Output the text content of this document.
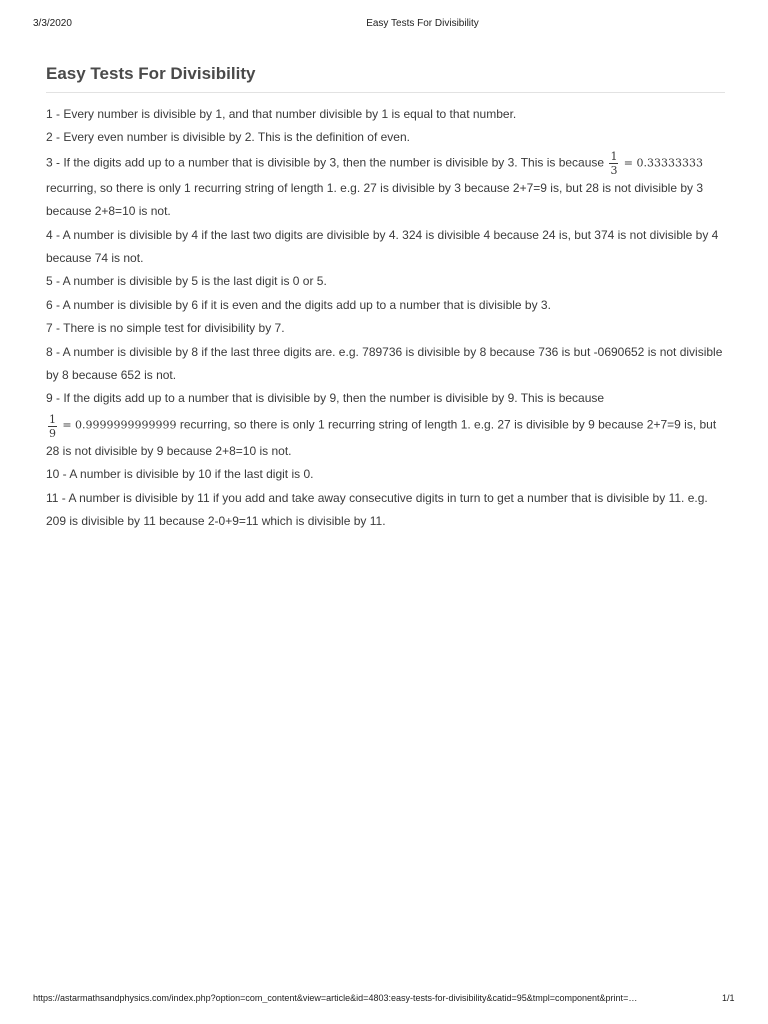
3/3/2020	Easy Tests For Divisibility
Easy Tests For Divisibility

1 - Every number is divisible by 1, and that number divisible by 1 is equal to that number.

2 - Every even number is divisible by 2. This is the definition of even.

3 - If the digits add up to a number that is divisible by 3, then the number is divisible by 3. This is because $\frac{1}{3} = 0.33333333$ recurring, so there is only 1 recurring string of length 1. e.g. 27 is divisible by 3 because 2+7=9 is, but 28 is not divisible by 3 because 2+8=10 is not.

4 - A number is divisible by 4 if the last two digits are divisible by 4. 324 is divisible 4 because 24 is, but 374 is not divisible by 4 because 74 is not.

5 - A number is divisible by 5 is the last digit is 0 or 5.

6 - A number is divisible by 6 if it is even and the digits add up to a number that is divisible by 3.

7 - There is no simple test for divisibility by 7.

8 - A number is divisible by 8 if the last three digits are. e.g. 789736 is divisible by 8 because 736 is but -0690652 is not divisible by 8 because 652 is not.

9 - If the digits add up to a number that is divisible by 9, then the number is divisible by 9. This is because

$\frac{1}{9} = 0.9999999999999$ recurring, so there is only 1 recurring string of length 1. e.g. 27 is divisible by 9 because 2+7=9 is, but 28 is not divisible by 9 because 2+8=10 is not.

10 - A number is divisible by 10 if the last digit is 0.

11 - A number is divisible by 11 if you add and take away consecutive digits in turn to get a number that is divisible by 11. e.g. 209 is divisible by 11 because 2-0+9=11 which is divisible by 11.

https://astarmathsandphysics.com/index.php?option=com_content&view=article&id=4803:easy-tests-for-divisibility&catid=95&tmpl=component&print=…	1/1
